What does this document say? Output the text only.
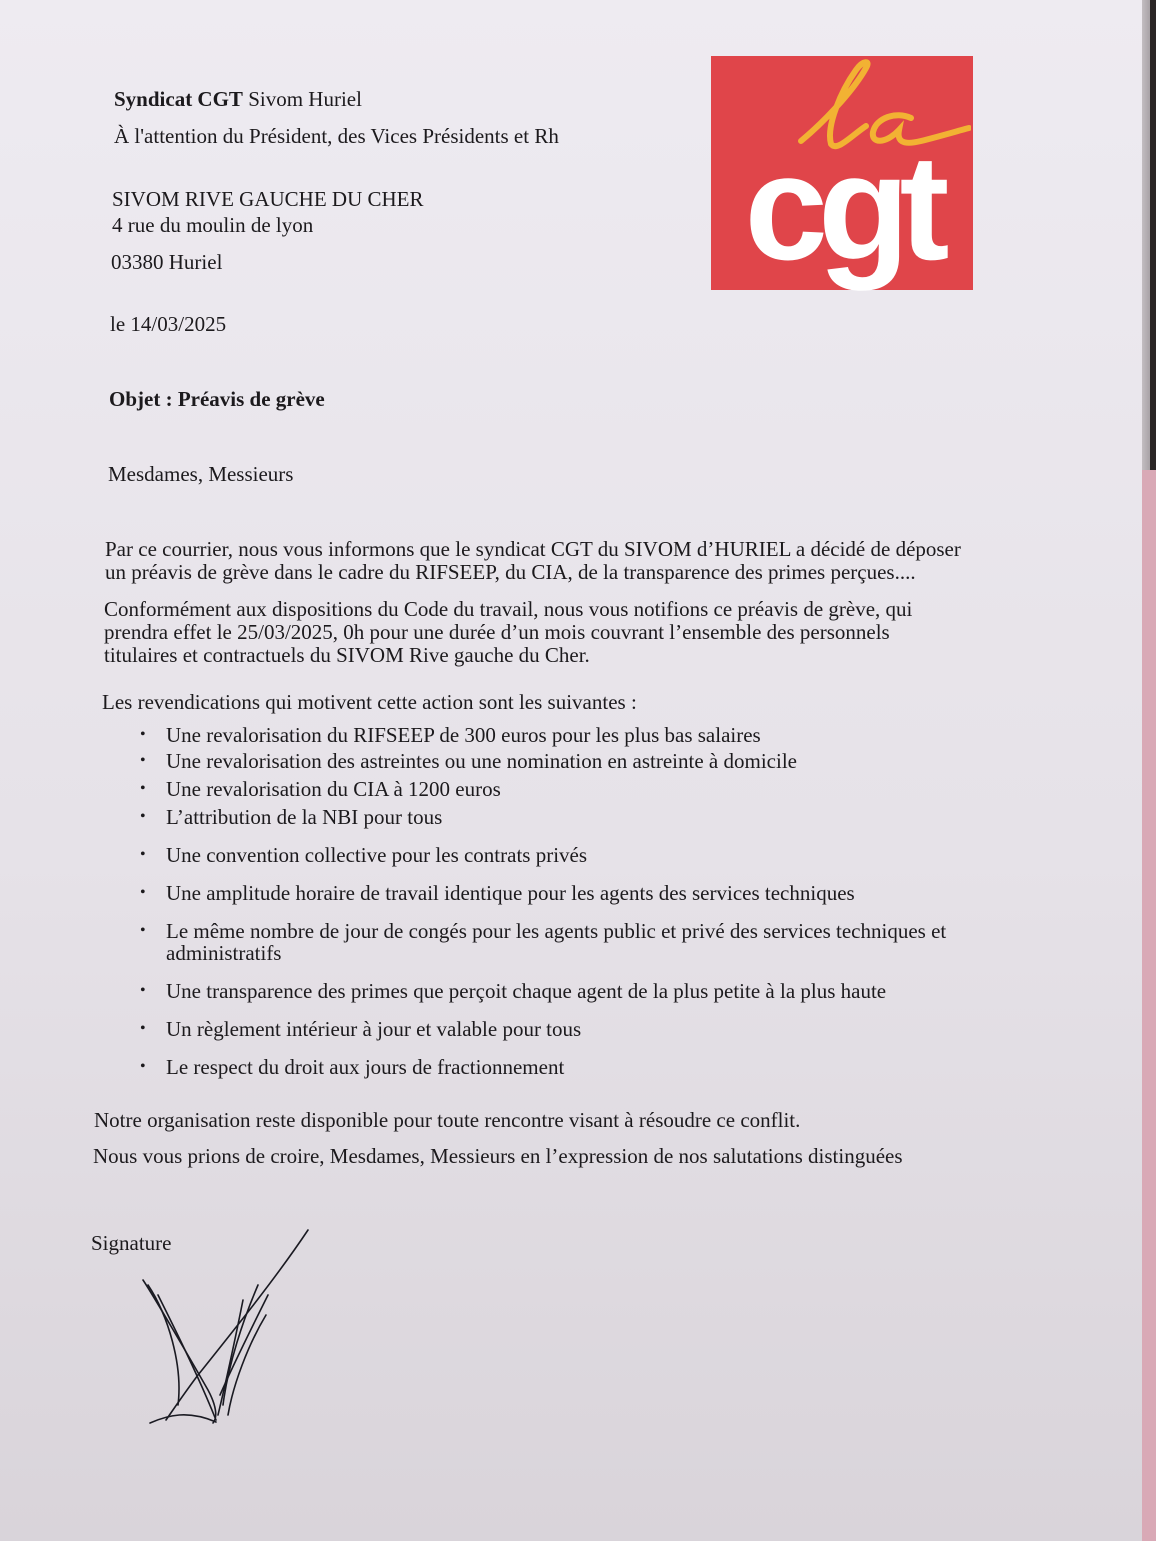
Syndicat CGT Sivom Huriel
À l'attention du Président, des Vices Présidents et Rh
SIVOM RIVE GAUCHE DU CHER
4 rue du moulin de lyon
03380 Huriel
le 14/03/2025
Objet : Préavis de grève
Mesdames, Messieurs
Par ce courrier, nous vous informons que le syndicat CGT du SIVOM d’HURIEL a décidé de déposer
un préavis de grève dans le cadre du RIFSEEP, du CIA, de la transparence des primes perçues....
Conformément aux dispositions du Code du travail, nous vous notifions ce préavis de grève, qui
prendra effet le 25/03/2025, 0h pour une durée d’un mois couvrant l’ensemble des personnels
titulaires et contractuels du SIVOM Rive gauche du Cher.
Les revendications qui motivent cette action sont les suivantes :
• Une revalorisation du RIFSEEP de 300 euros pour les plus bas salaires
• Une revalorisation des astreintes ou une nomination en astreinte à domicile
• Une revalorisation du CIA à 1200 euros
• L’attribution de la NBI pour tous
• Une convention collective pour les contrats privés
• Une amplitude horaire de travail identique pour les agents des services techniques
• Le même nombre de jour de congés pour les agents public et privé des services techniques et administratifs
• Une transparence des primes que perçoit chaque agent de la plus petite à la plus haute
• Un règlement intérieur à jour et valable pour tous
• Le respect du droit aux jours de fractionnement
Notre organisation reste disponible pour toute rencontre visant à résoudre ce conflit.
Nous vous prions de croire, Mesdames, Messieurs en l’expression de nos salutations distinguées
Signature
cgt
